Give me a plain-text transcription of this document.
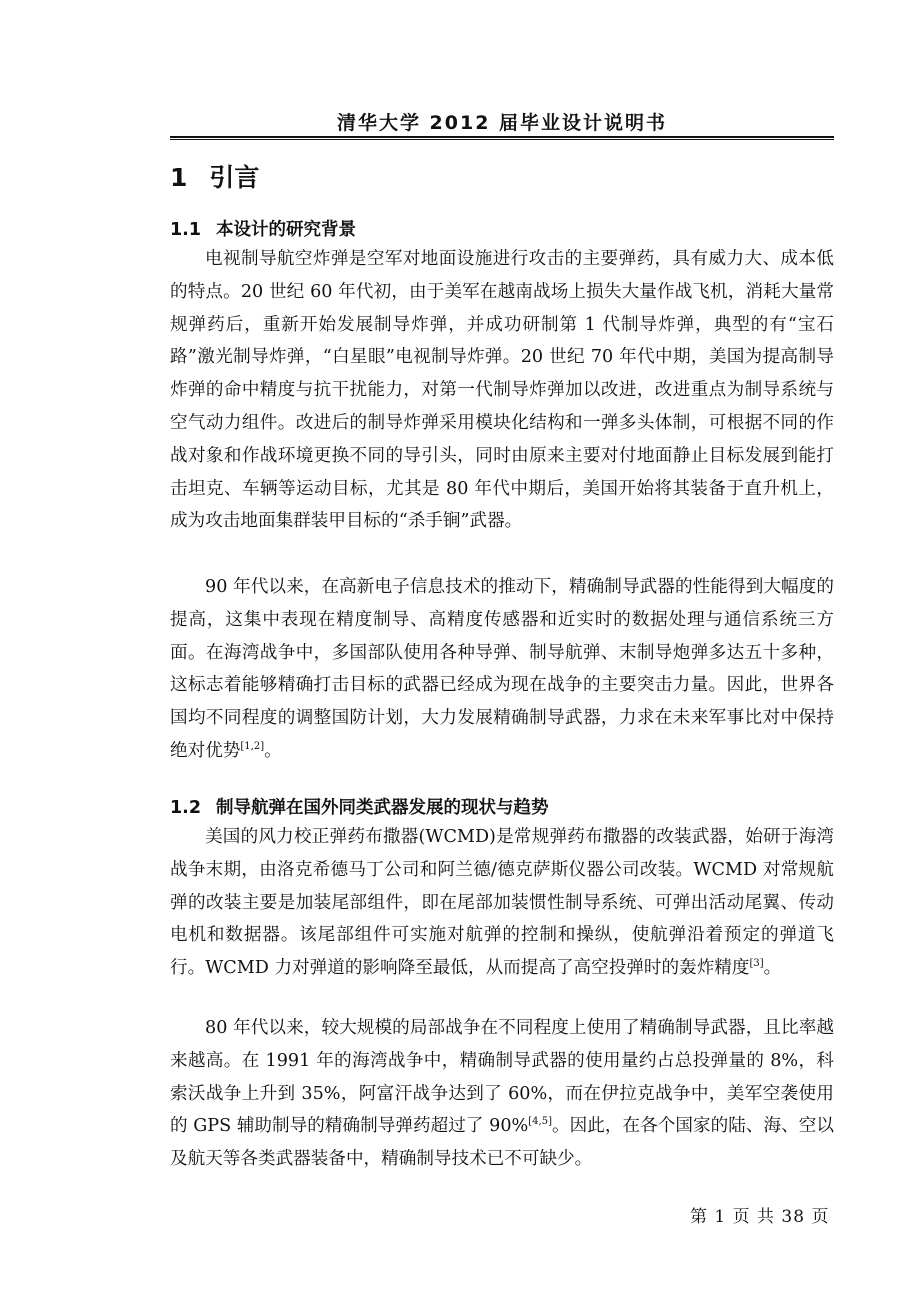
清华大学 2012 届毕业设计说明书
1 引言
1.1 本设计的研究背景

电视制导航空炸弹是空军对地面设施进行攻击的主要弹药，具有威力大、成本低的特点。20 世纪 60 年代初，由于美军在越南战场上损失大量作战飞机，消耗大量常规弹药后，重新开始发展制导炸弹，并成功研制第 1 代制导炸弹，典型的有“宝石路”激光制导炸弹，“白星眼”电视制导炸弹。20 世纪 70 年代中期，美国为提高制导炸弹的命中精度与抗干扰能力，对第一代制导炸弹加以改进，改进重点为制导系统与空气动力组件。改进后的制导炸弹采用模块化结构和一弹多头体制，可根据不同的作战对象和作战环境更换不同的导引头，同时由原来主要对付地面静止目标发展到能打击坦克、车辆等运动目标，尤其是 80 年代中期后，美国开始将其装备于直升机上，成为攻击地面集群装甲目标的“杀手锏”武器。

90 年代以来，在高新电子信息技术的推动下，精确制导武器的性能得到大幅度的提高，这集中表现在精度制导、高精度传感器和近实时的数据处理与通信系统三方面。在海湾战争中，多国部队使用各种导弹、制导航弹、末制导炮弹多达五十多种，这标志着能够精确打击目标的武器已经成为现在战争的主要突击力量。因此，世界各国均不同程度的调整国防计划，大力发展精确制导武器，力求在未来军事比对中保持绝对优势[1,2]。

1.2 制导航弹在国外同类武器发展的现状与趋势

美国的风力校正弹药布撒器(WCMD)是常规弹药布撒器的改装武器，始研于海湾战争末期，由洛克希德马丁公司和阿兰德/德克萨斯仪器公司改装。WCMD 对常规航弹的改装主要是加装尾部组件，即在尾部加装惯性制导系统、可弹出活动尾翼、传动电机和数据器。该尾部组件可实施对航弹的控制和操纵，使航弹沿着预定的弹道飞行。WCMD 力对弹道的影响降至最低，从而提高了高空投弹时的轰炸精度[3]。

80 年代以来，较大规模的局部战争在不同程度上使用了精确制导武器，且比率越来越高。在 1991 年的海湾战争中，精确制导武器的使用量约占总投弹量的 8%，科索沃战争上升到 35%，阿富汗战争达到了 60%，而在伊拉克战争中，美军空袭使用的 GPS 辅助制导的精确制导弹药超过了 90%[4,5]。因此，在各个国家的陆、海、空以及航天等各类武器装备中，精确制导技术已不可缺少。

第 1 页 共 38 页
